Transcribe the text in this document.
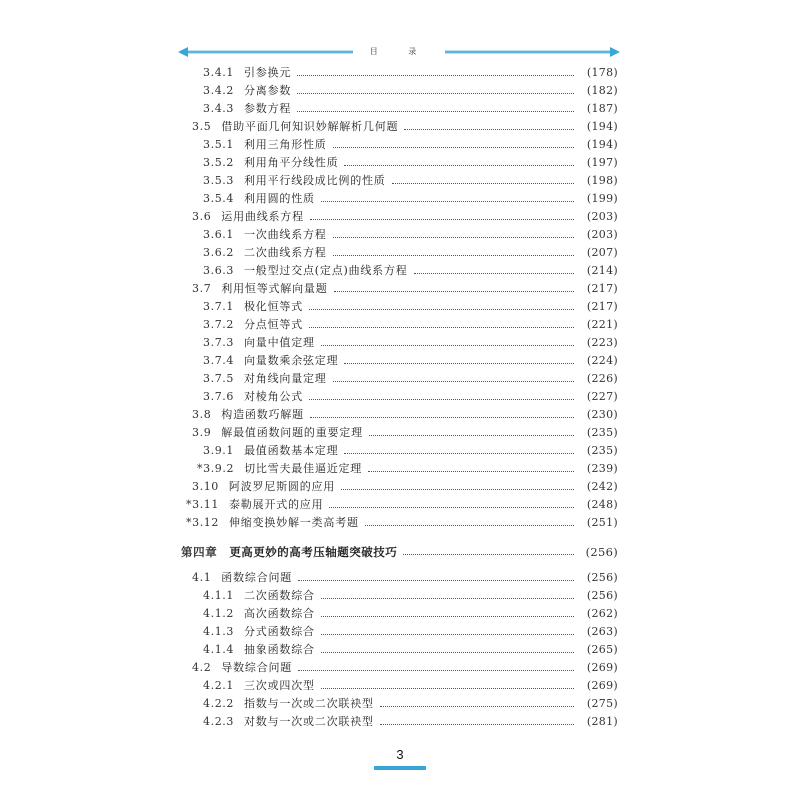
目 录
3.4.1 引参换元	(178)
3.4.2 分离参数	(182)
3.4.3 参数方程	(187)
3.5 借助平面几何知识妙解解析几何题	(194)
3.5.1 利用三角形性质	(194)
3.5.2 利用角平分线性质	(197)
3.5.3 利用平行线段成比例的性质	(198)
3.5.4 利用圆的性质	(199)
3.6 运用曲线系方程	(203)
3.6.1 一次曲线系方程	(203)
3.6.2 二次曲线系方程	(207)
3.6.3 一般型过交点(定点)曲线系方程	(214)
3.7 利用恒等式解向量题	(217)
3.7.1 极化恒等式	(217)
3.7.2 分点恒等式	(221)
3.7.3 向量中值定理	(223)
3.7.4 向量数乘余弦定理	(224)
3.7.5 对角线向量定理	(226)
3.7.6 对棱角公式	(227)
3.8 构造函数巧解题	(230)
3.9 解最值函数问题的重要定理	(235)
3.9.1 最值函数基本定理	(235)
*3.9.2 切比雪夫最佳逼近定理	(239)
3.10 阿波罗尼斯圆的应用	(242)
*3.11 泰勒展开式的应用	(248)
*3.12 伸缩变换妙解一类高考题	(251)
第四章 更高更妙的高考压轴题突破技巧	(256)
4.1 函数综合问题	(256)
4.1.1 二次函数综合	(256)
4.1.2 高次函数综合	(262)
4.1.3 分式函数综合	(263)
4.1.4 抽象函数综合	(265)
4.2 导数综合问题	(269)
4.2.1 三次或四次型	(269)
4.2.2 指数与一次或二次联袂型	(275)
4.2.3 对数与一次或二次联袂型	(281)
3
